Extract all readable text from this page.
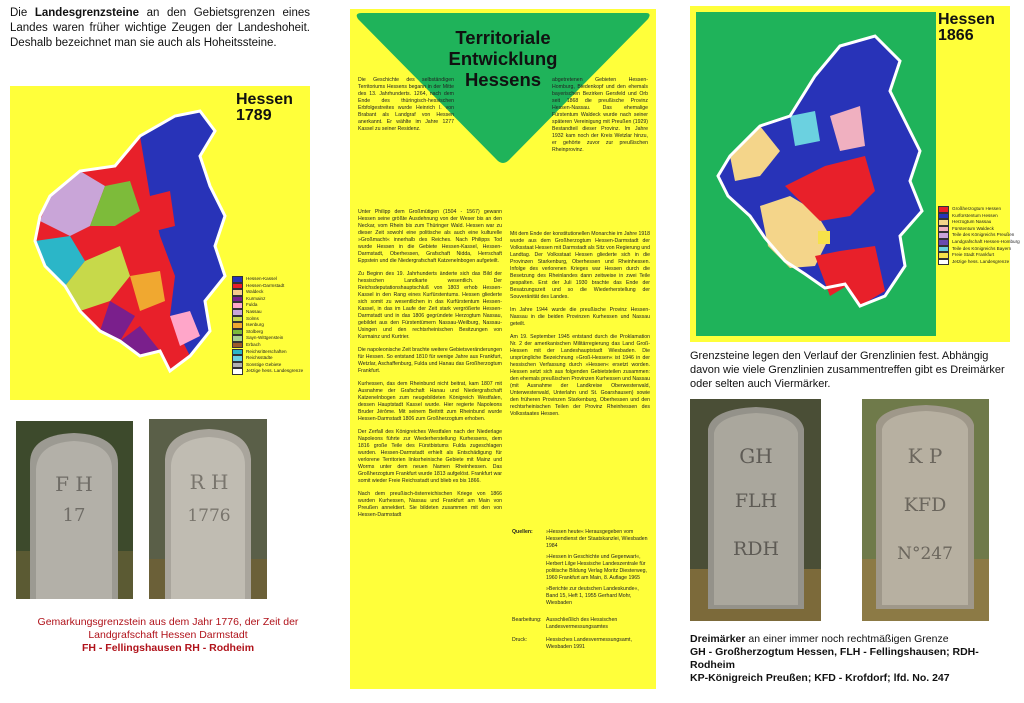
Die Landesgrenzsteine an den Gebietsgrenzen eines Landes waren früher wichtige Zeugen der Landeshoheit. Deshalb bezeichnet man sie auch als Hoheitssteine.
Hessen
1789
Hessen-Kassel
Hessen-Darmstadt
Waldeck
Kurmainz
Fulda
Nassau
Solms
Isenburg
Stolberg
Sayn-Wittgenstein
Erbach
Reichsritterschaften
Reichsstädte
Sonstige Gebiete
Jetzige hess. Landesgrenze
F H
17
R H
1776
Gemarkungsgrenzstein aus dem Jahr 1776, der Zeit der Landgrafschaft Hessen Darmstadt
FH - Fellingshausen RH - Rodheim
Territoriale
Entwicklung
Hessens

Die Geschichte des selbständigen Territoriums Hessens begann in der Mitte des 13. Jahrhunderts. 1264, nach dem Ende des thüringisch-hessischen Erbfolgestreites wurde Heinrich I. von Brabant als Landgraf von Hessen anerkannt. Er wählte im Jahre 1277 Kassel zu seiner Residenz.

abgetretenen Gebieten Hessen-Homburg, Biedenkopf und den ehemals bayerischen Bezirken Gersfeld und Orb seit 1868 die preußische Provinz Hessen-Nassau. Das ehemalige Fürstentum Waldeck wurde nach seiner späteren Vereinigung mit Preußen (1929) Bestandteil dieser Provinz. Im Jahre 1932 kam noch der Kreis Wetzlar hinzu, er gehörte zuvor zur preußischen Rheinprovinz.

Unter Philipp dem Großmütigen (1504 - 1567) gewann Hessen seine größte Ausdehnung von der Weser bis an den Neckar, vom Rhein bis zum Thüringer Wald. Hessen war zu dieser Zeit sowohl eine politische als auch eine kulturelle »Großmacht« innerhalb des Reiches. Nach Philipps Tod wurde Hessen in die Gebiete Hessen-Kassel, Hessen-Darmstadt, Oberhessen, Grafschaft Nidda, Herrschaft Eppstein und die Niedergrafschaft Katzenelnbogen aufgeteilt.

Zu Beginn des 19. Jahrhunderts änderte sich das Bild der hessischen Landkarte wesentlich. Der Reichsdeputationshauptschluß von 1803 erhob Hessen-Kassel in den Rang eines Kurfürstentums. Hessen gliederte sich somit zu wesentlichen in das Kurfürstentum Hessen-Kassel, in das im Laufe der Zeit stark vergrößerte Hessen-Darmstadt und in das 1806 gegründete Herzogtum Nassau, gebildet aus den Fürstentümern Nassau-Weilburg, Nassau-Usingen und den rechtsrheinischen Besitzungen von Kurmainz und Kurtrier.

Die napoleonische Zeit brachte weitere Gebietsveränderungen für Hessen. So entstand 1810 für wenige Jahre aus Frankfurt, Wetzlar, Aschaffenburg, Fulda und Hanau das Großherzogtum Frankfurt.

Kurhessen, das dem Rheinbund nicht beitrat, kam 1807 mit Ausnahme der Grafschaft Hanau und Niedergrafschaft Katzenelnbogen zum neugebildeten Königreich Westfalen, dessen Hauptstadt Kassel wurde. Hier regierte Napoleons Bruder Jérôme. Mit seinem Beitritt zum Rheinbund wurde Hessen-Darmstadt 1806 zum Großherzogtum erhoben.

Der Zerfall des Königreiches Westfalen nach der Niederlage Napoleons führte zur Wiederherstellung Kurhessens, dem 1816 große Teile des Fürstbistums Fulda zugeschlagen wurden. Hessen-Darmstadt erhielt als Entschädigung für verlorene Territorien linksrheinische Gebiete mit Mainz und Worms unter dem neuen Namen Rheinhessen. Das Großherzogtum Frankfurt wurde 1813 aufgelöst. Frankfurt war somit wieder Freie Reichsstadt und blieb es bis 1866.

Nach dem preußisch-österreichischen Kriege von 1866 wurden Kurhessen, Nassau und Frankfurt am Main von Preußen annektiert. Sie bildeten zusammen mit den von Hessen-Darmstadt

Mit dem Ende der konstitutionellen Monarchie im Jahre 1918 wurde aus dem Großherzogtum Hessen-Darmstadt der Volksstaat Hessen mit Darmstadt als Sitz von Regierung und Landtag. Der Volksstaat Hessen gliederte sich in die Provinzen Starkenburg, Oberhessen und Rheinhessen. Infolge des verlorenen Krieges war Hessen durch die Besetzung des Rheinlandes dann zeitweise in zwei Teile gespalten. Erst der Juli 1930 brachte das Ende der Besatzungszeit und so die Wiederherstellung der Souveränität des Landes.

Im Jahre 1944 wurde die preußische Provinz Hessen-Nassau in die beiden Provinzen Kurhessen und Nassau geteilt.

Am 19. September 1945 entstand durch die Proklamation Nr. 2 der amerikanischen Militärregierung das Land Groß-Hessen mit der Landeshauptstadt Wiesbaden. Die ursprüngliche Bezeichnung »Groß-Hessen« ist 1946 in der hessischen Verfassung durch »Hessen« ersetzt worden. Hessen setzt sich aus folgenden Gebietsteilen zusammen: den ehemals preußischen Provinzen Kurhessen und Nassau (mit Ausnahme der Landkreise Oberwesterwald, Unterwesterwald, Unterlahn und St. Goarshausen) sowie den früheren Provinzen Starkenburg, Oberhessen und den rechtsrheinischen Teilen der Provinz Rheinhessen des Volksstaates Hessen.

Quellen:	»Hessen heute« Herausgegeben vom Hessendienst der Staatskanzlei, Wiesbaden 1984
»Hessen in Geschichte und Gegenwart«, Herbert Lilge Hessische Landeszentrale für politische Bildung Verlag Moritz Diesterweg, 1960 Frankfurt am Main, 8. Auflage 1965
»Berichte zur deutschen Landeskunde«, Band 15, Heft 1, 1955 Gerhard Mohr, Wiesbaden
Bearbeitung: Ausschließlich des Hessischen Landesvermessungsamtes
Druck:	Hessisches Landesvermessungsamt, Wiesbaden 1991
Hessen
1866
Großherzogtum Hessen
Kurfürstentum Hessen
Herzogtum Nassau
Fürstentum Waldeck
Teile des Königreichs Preußen
Landgrafschaft Hessen-Homburg
Teile des Königreichs Bayern
Freie Stadt Frankfurt
Jetzige hess. Landesgrenze
Grenzsteine legen den Verlauf der Grenzlinien fest. Abhängig davon wie viele Grenzlinien zusammentreffen gibt es Dreimärker oder selten auch Viermärker.
GH
FLH
RDH
K P
KFD
N°247
Dreimärker an einer immer noch rechtmäßigen Grenze
GH - Großherzogtum Hessen, FLH - Fellingshausen; RDH-Rodheim
KP-Königreich Preußen; KFD - Krofdorf; lfd. No. 247
